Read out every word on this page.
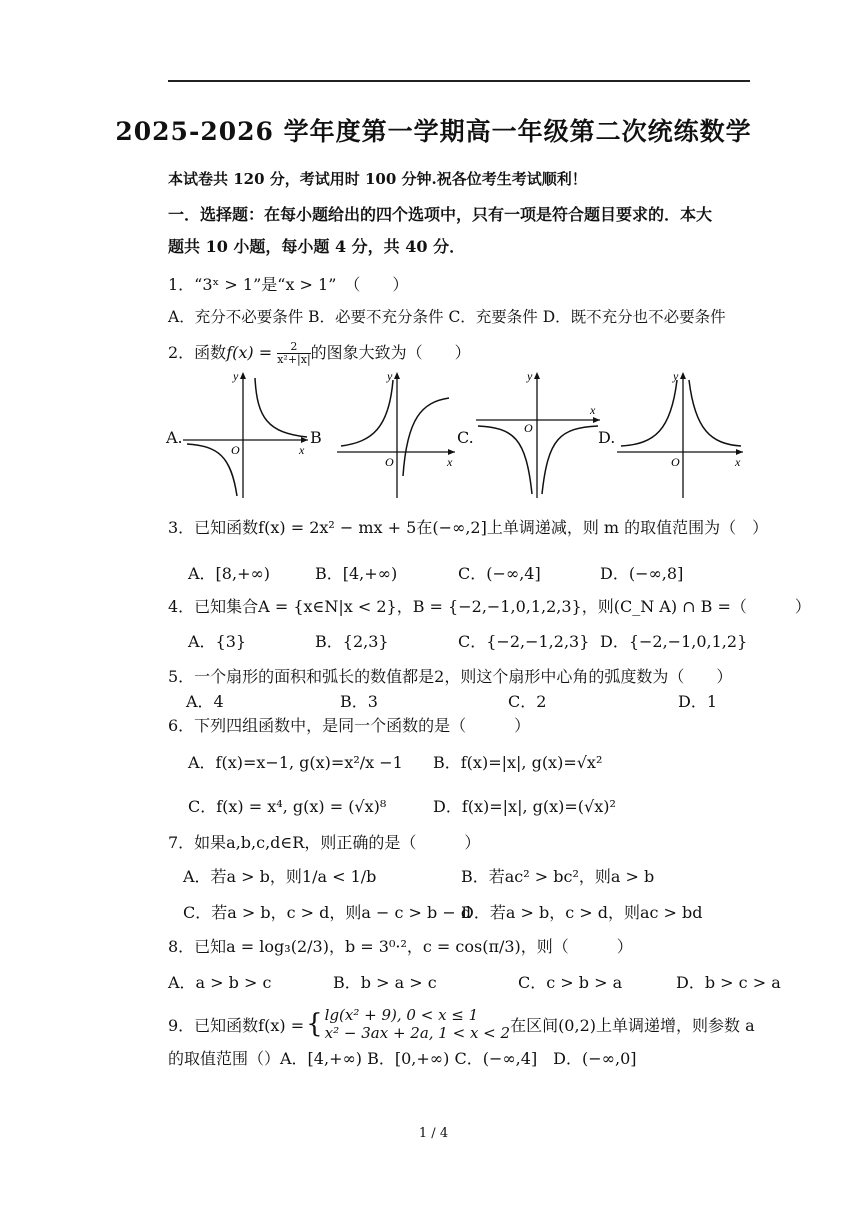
2025-2026 学年度第一学期高一年级第二次统练数学
本试卷共 120 分，考试用时 100 分钟.祝各位考生考试顺利！
一．选择题：在每小题给出的四个选项中，只有一项是符合题目要求的．本大
题共 10 小题，每小题 4 分，共 40 分．
1．“3ˣ > 1”是“x > 1”　（　　）
A．充分不必要条件 B．必要不充分条件 C．充要条件 D．既不充分也不必要条件
2．函数$f(x) = \frac{2}{\text{x²+|x|}}$ 的图象大致为（　　）
A.
y
x
O
B
y
x
O
C.
y
x
O	D.
y
x
O
3．已知函数f(x) = 2x² − mx + 5在(−∞,2]上单调递减，则 m 的取值范围为（　）
A．[8,+∞)	B．[4,+∞)	C．(−∞,4]	D．(−∞,8]
4．已知集合A = {x∈N|x < 2}，B = {−2,−1,0,1,2,3}，则(C_N A) ∩ B =（　　　）
A．{3}	B．{2,3}	C．{−2,−1,2,3} D．{−2,−1,0,1,2}
5．一个扇形的面积和弧长的数值都是2，则这个扇形中心角的弧度数为（　　）
A．4	B．3	C．2	D．1
6．下列四组函数中，是同一个函数的是（　　　）
A．f(x)=x−1, g(x)=x²/x −1 B．f(x)=|x|, g(x)=√x²
C．f(x) = x⁴, g(x) = (√x)⁸	D．f(x)=|x|, g(x)=(√x)²
7．如果a,b,c,d∈R，则正确的是（　　　）
A．若a > b，则1/a < 1/b	B．若ac² > bc²，则a > b
C．若a > b，c > d，则a − c > b − d
D．若a > b，c > d，则ac > bd
8．已知a = log₃(2/3)，b = 3⁰·²，c = cos(π/3)，则（　　　）
A．a > b > c	B．b > a > c	C．c > b > a	D．b > c > a
9．已知函数f(x) = { lg(x² + 9), 0 < x ≤ 1
x² − 3ax + 2a, 1 < x < 2 在区间(0,2)上单调递增，则参数 a
的取值范围（）A．[4,+∞) B．[0,+∞) C．(−∞,4]　D．(−∞,0]
1 / 4
